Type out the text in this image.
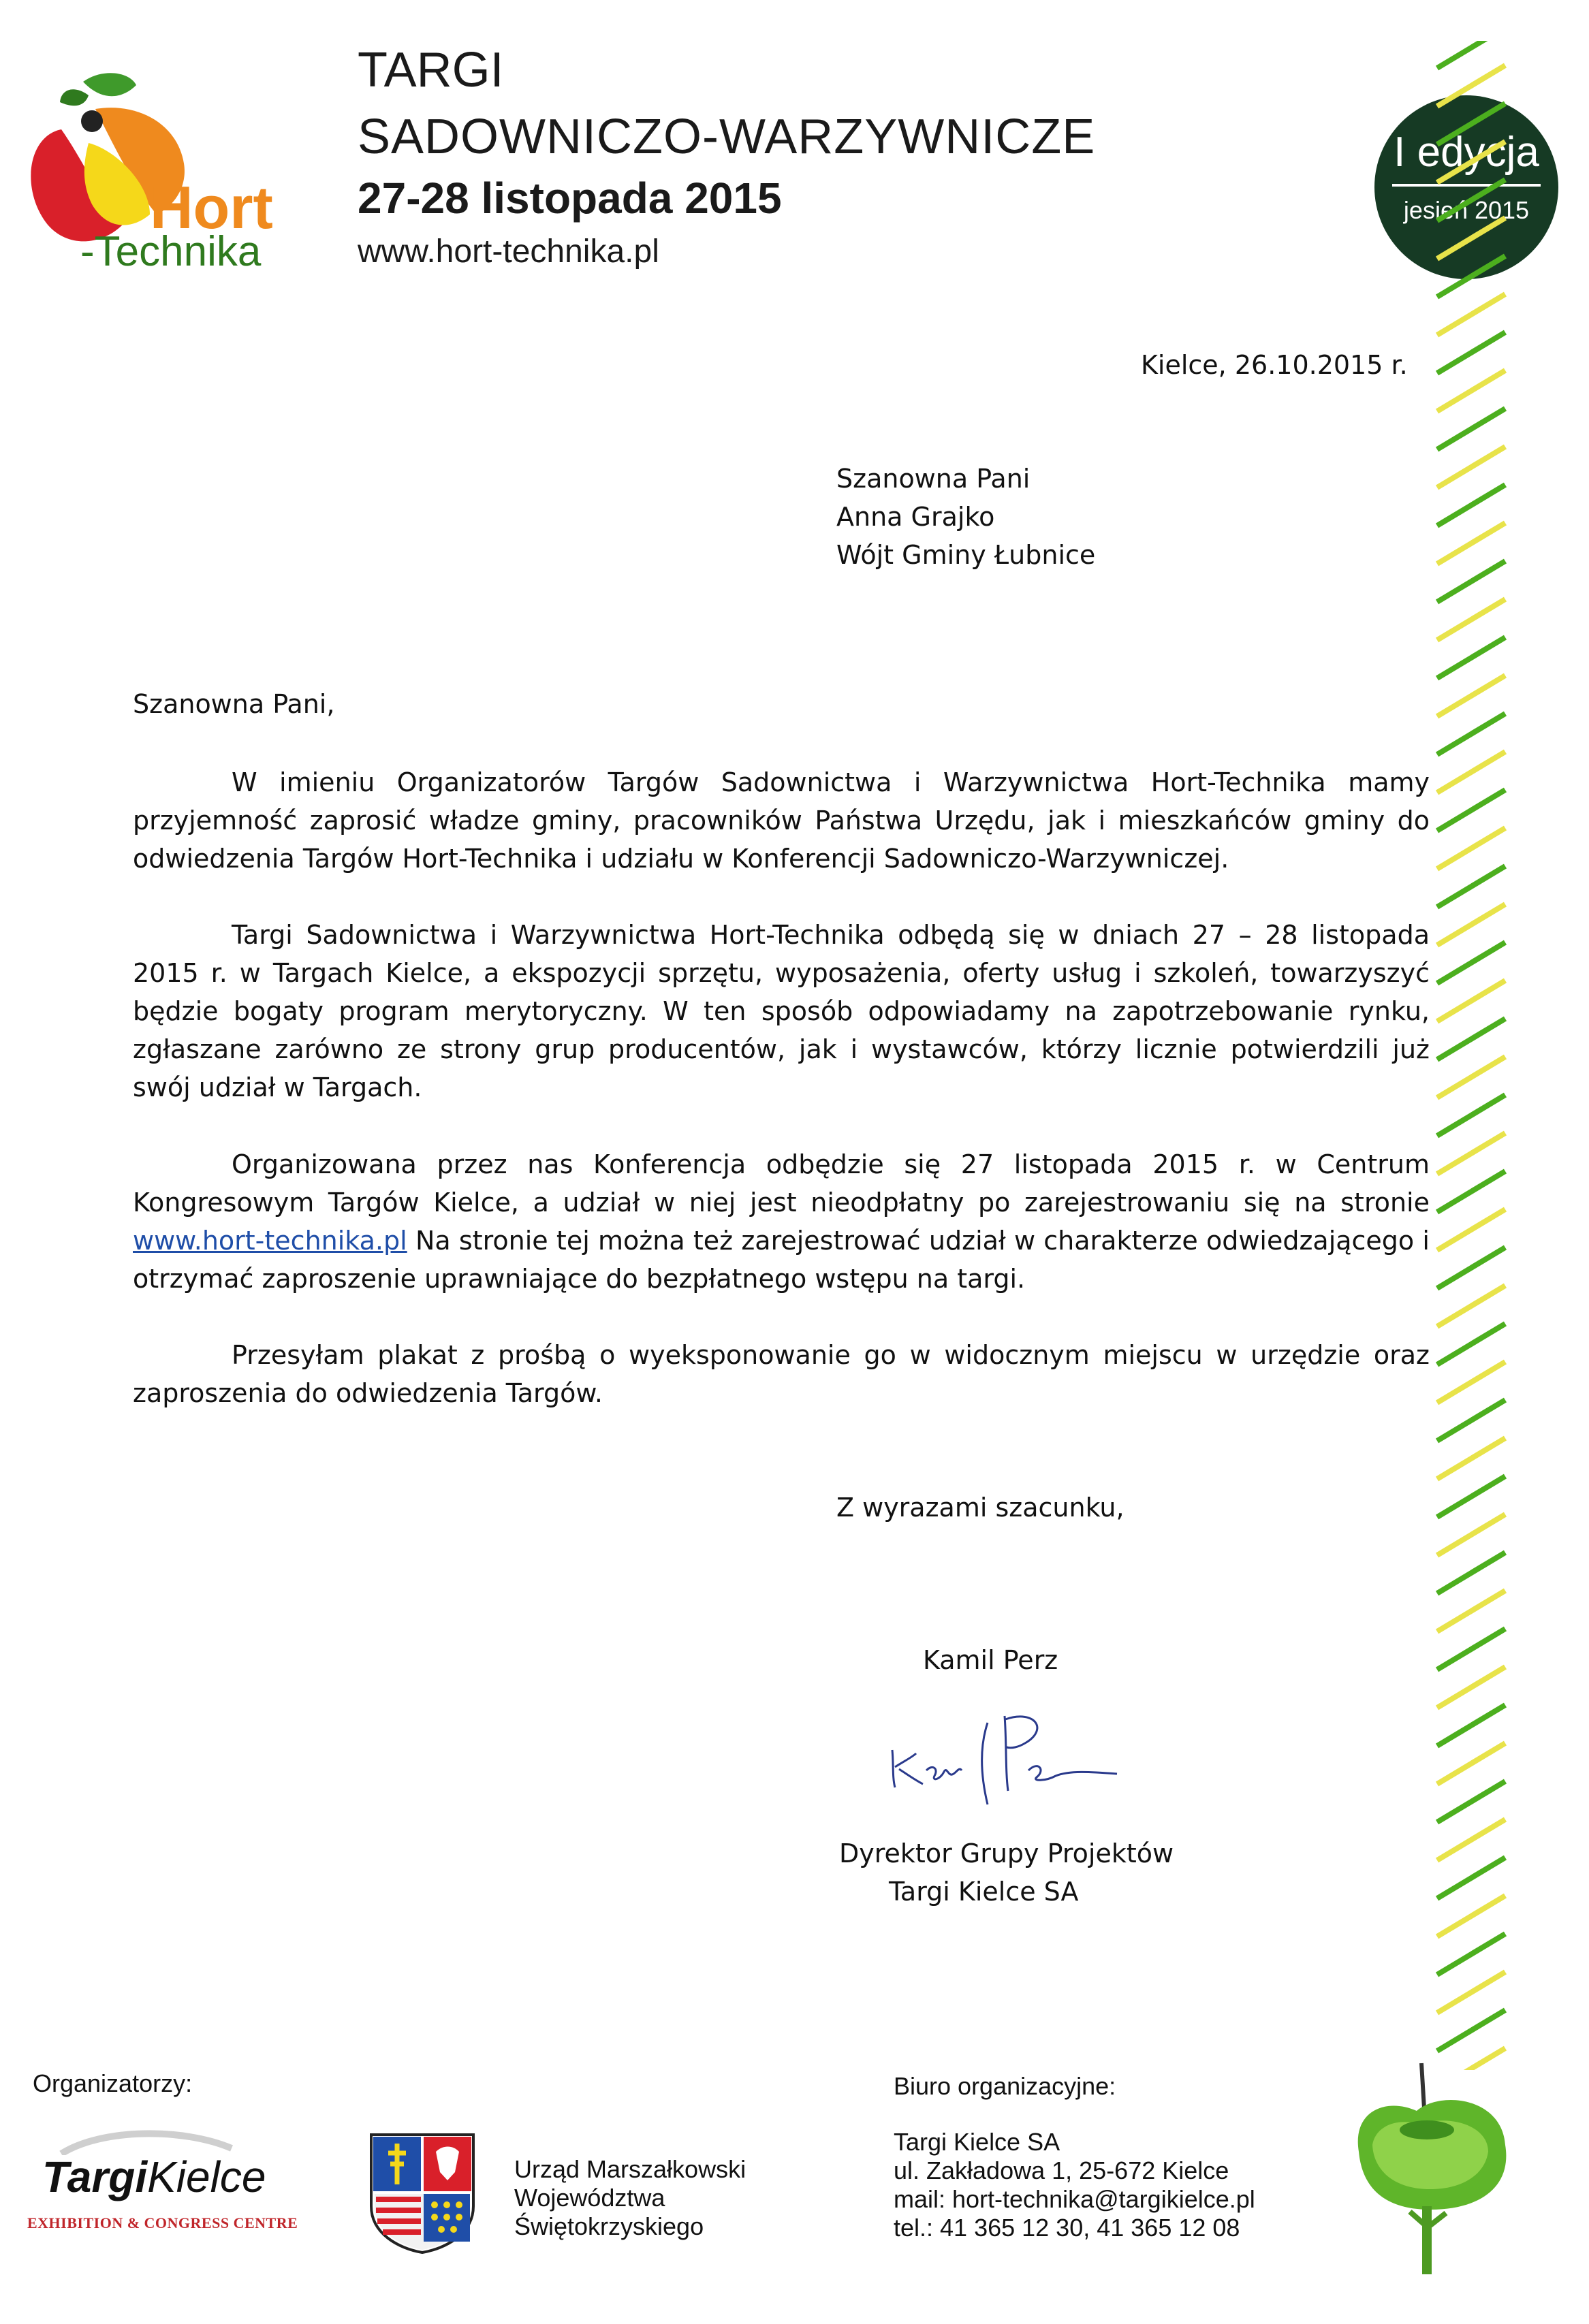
Hort
-Technika
TARGI
SADOWNICZO-WARZYWNICZE
27-28 listopada 2015
www.hort-technika.pl
I edycja
jesień 2015
Kielce, 26.10.2015 r.
Szanowna Pani
Anna Grajko
Wójt Gminy Łubnice
Szanowna Pani,
W imieniu Organizatorów Targów Sadownictwa i Warzywnictwa Hort-Technika mamy przyjemność zaprosić władze gminy, pracowników Państwa Urzędu, jak i mieszkańców gminy do odwiedzenia Targów Hort-Technika i udziału w Konferencji Sadowniczo-Warzywniczej.
Targi Sadownictwa i Warzywnictwa Hort-Technika odbędą się w dniach 27 – 28 listopada 2015 r. w Targach Kielce, a ekspozycji sprzętu, wyposażenia, oferty usług i szkoleń, towarzyszyć będzie bogaty program merytoryczny. W ten sposób odpowiadamy na zapotrzebowanie rynku, zgłaszane zarówno ze strony grup producentów, jak i wystawców, którzy licznie potwierdzili już swój udział w Targach.
Organizowana przez nas Konferencja odbędzie się 27 listopada 2015 r. w Centrum Kongresowym Targów Kielce, a udział w niej jest nieodpłatny po zarejestrowaniu się na stronie www.hort-technika.pl Na stronie tej można też zarejestrować udział w charakterze odwiedzającego i otrzymać zaproszenie uprawniające do bezpłatnego wstępu na targi.
Przesyłam plakat z prośbą o wyeksponowanie go w widocznym miejscu w urzędzie oraz zaproszenia do odwiedzenia Targów.
Z wyrazami szacunku,
Kamil Perz
Dyrektor Grupy Projektów
Targi Kielce SA
Organizatorzy:
TargiKielce
EXHIBITION & CONGRESS CENTRE
Urząd Marszałkowski
Województwa
Świętokrzyskiego
Biuro organizacyjne:
Targi Kielce SA
ul. Zakładowa 1, 25-672 Kielce
mail: hort-technika@targikielce.pl
tel.: 41 365 12 30, 41 365 12 08
